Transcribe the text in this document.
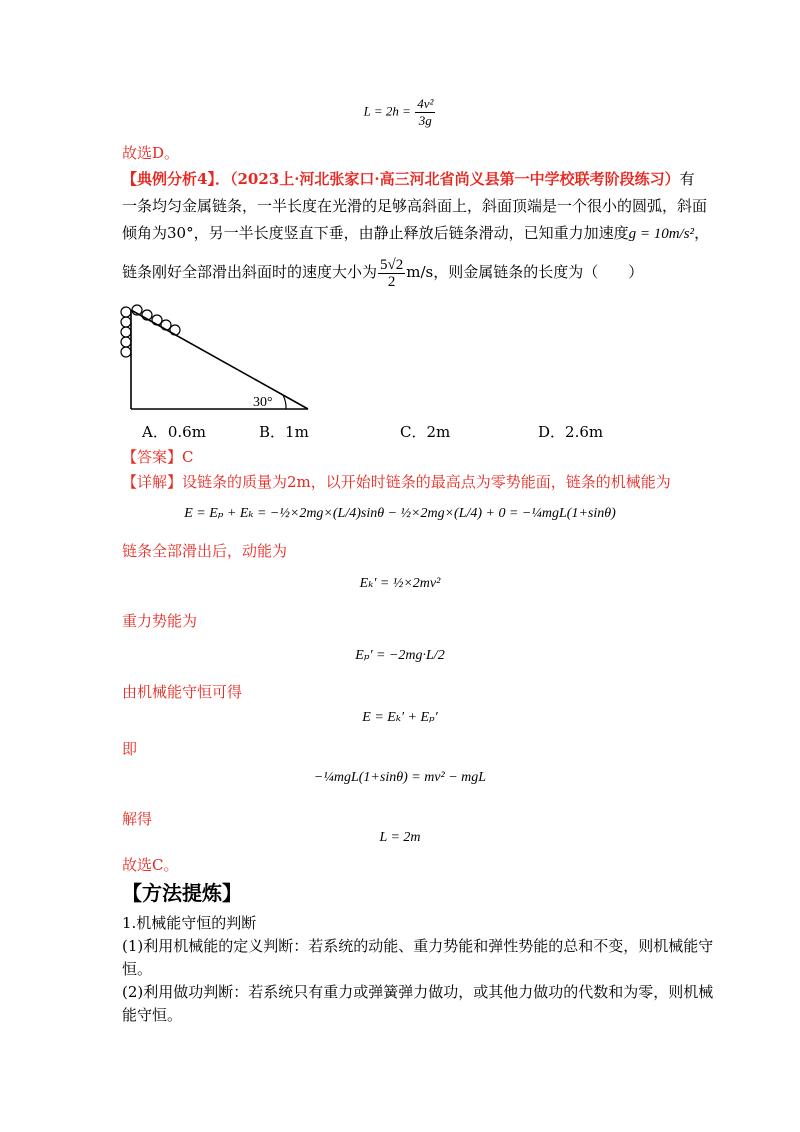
$L = 2h = \frac{\text{4v²}}{3g}$
故选D。
【典例分析4】．（2023上·河北张家口·高三河北省尚义县第一中学校联考阶段练习）有
一条均匀金属链条，一半长度在光滑的足够高斜面上，斜面顶端是一个很小的圆弧，斜面
倾角为30°，另一半长度竖直下垂，由静止释放后链条滑动，已知重力加速度g = 10m/s²，
链条刚好全部滑出斜面时的速度大小为 $\frac{5√2}{2} m/s$，则金属链条的长度为（　　）
30°
A．0.6m	B．1m	C．2m	D．2.6m
【答案】C
【详解】设链条的质量为2m，以开始时链条的最高点为零势能面，链条的机械能为
E = Eₚ + Eₖ = −½×2mg×(L/4)sinθ − ½×2mg×(L/4) + 0 = −¼mgL(1+sinθ)
链条全部滑出后，动能为
Eₖ′ = ½×2mv²
重力势能为
Eₚ′ = −2mg·L/2
由机械能守恒可得
E = Eₖ′ + Eₚ′
即
−¼mgL(1+sinθ) = mv² − mgL
解得
L = 2m
故选C。
【方法提炼】
1.机械能守恒的判断
(1)利用机械能的定义判断：若系统的动能、重力势能和弹性势能的总和不变，则机械能守
恒。
(2)利用做功判断：若系统只有重力或弹簧弹力做功，或其他力做功的代数和为零，则机械
能守恒。
